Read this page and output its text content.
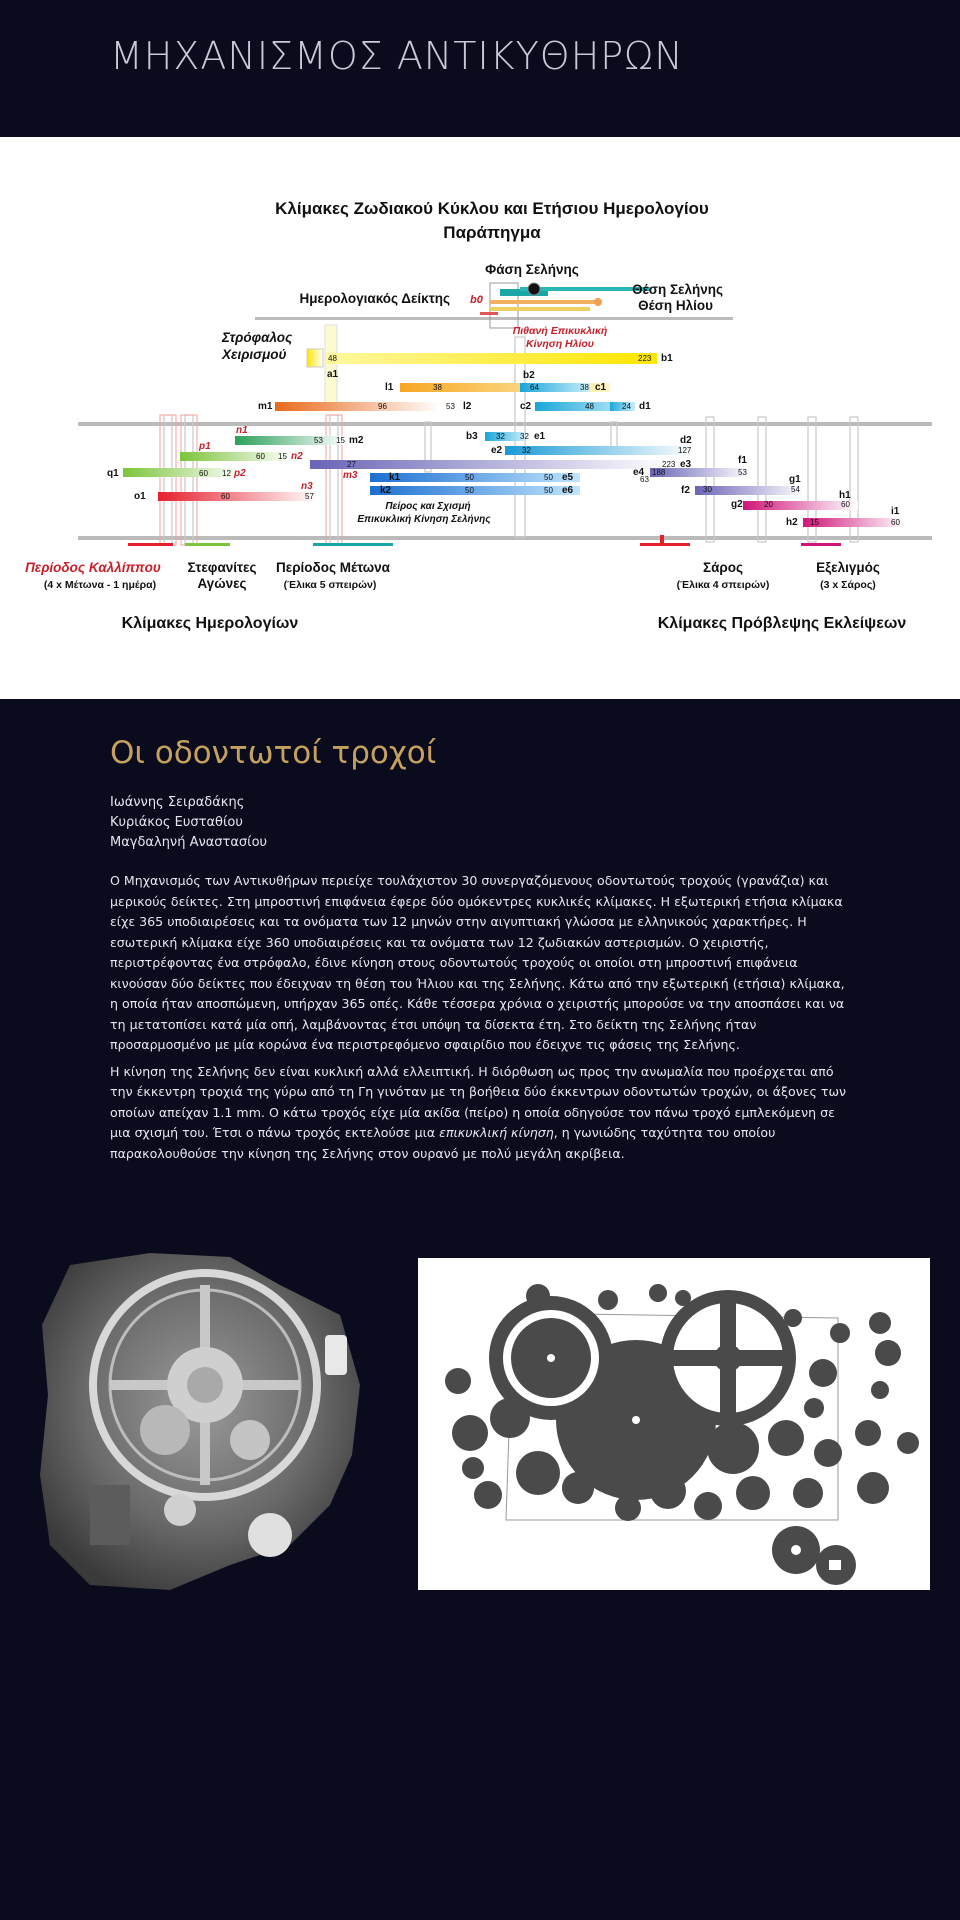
ΜΗΧΑΝΙΣΜΟΣ ΑΝΤΙΚΥΘΗΡΩΝ
Κλίμακες Ζωδιακού Κύκλου και Ετήσιου Ημερολογίου
Παράπηγμα
Φάση Σελήνης
Θέση Σελήνης
Θέση Ηλίου
Ημερολογιακός Δείκτης b0
Πιθανή Επικυκλική
Κίνηση Ηλίου
Στρόφαλος
Χειρισμού	48	223
38	64	38
96	53	48	24
32 32
53 15
127
60 15
32
27
60 12
223
188	53
50	50	63
54
60	57
50	50	30
20	60
15	60
a1
b1
l1
b2
c1
m1	l2	c2	d1
b3	e1
m2	d2
e2
q1	e4
e3	f1
k1	e5	g1
o1
k2	e6	f2	h1
g2
i1
h2
n1
p1
n2
p2	m3
n3
Πείρος και Σχισμή
Επικυκλική Κίνηση Σελήνης
Περίοδος Καλλίππου
(4 x Μέτωνα - 1 ημέρα)
Στεφανίτες
Αγώνες
Περίοδος Μέτωνα
(Έλικα 5 σπειρών)
Σάρος
(Έλικα 4 σπειρών)
Εξελιγμός
(3 x Σάρος)
Κλίμακες Ημερολογίων	Κλίμακες Πρόβλεψης Εκλείψεων
Οι οδοντωτοί τροχοί
Ιωάννης Σειραδάκης
Κυριάκος Ευσταθίου
Μαγδαληνή Αναστασίου

Ο Μηχανισμός των Αντικυθήρων περιείχε τουλάχιστον 30 συνεργαζόμενους οδοντωτούς τροχούς (γρανάζια) και μερικούς δείκτες. Στη μπροστινή επιφάνεια έφερε δύο ομόκεντρες κυκλικές κλίμακες. Η εξωτερική ετήσια κλίμακα είχε 365 υποδιαιρέσεις και τα ονόματα των 12 μηνών στην αιγυπτιακή γλώσσα με ελληνικούς χαρακτήρες. Η εσωτερική κλίμακα είχε 360 υποδιαιρέσεις και τα ονόματα των 12 ζωδιακών αστερισμών. Ο χειριστής, περιστρέφοντας ένα στρόφαλο, έδινε κίνηση στους οδοντωτούς τροχούς οι οποίοι στη μπροστινή επιφάνεια κινούσαν δύο δείκτες που έδειχναν τη θέση του Ήλιου και της Σελήνης. Κάτω από την εξωτερική (ετήσια) κλίμακα, η οποία ήταν αποσπώμενη, υπήρχαν 365 οπές. Κάθε τέσσερα χρόνια ο χειριστής μπορούσε να την αποσπάσει και να τη μετατοπίσει κατά μία οπή, λαμβάνοντας έτσι υπόψη τα δίσεκτα έτη. Στο δείκτη της Σελήνης ήταν προσαρμοσμένο με μία κορώνα ένα περιστρεφόμενο σφαιρίδιο που έδειχνε τις φάσεις της Σελήνης.

Η κίνηση της Σελήνης δεν είναι κυκλική αλλά ελλειπτική. Η διόρθωση ως προς την ανωμαλία που προέρχεται από την έκκεντρη τροχιά της γύρω από τη Γη γινόταν με τη βοήθεια δύο έκκεντρων οδοντωτών τροχών, οι άξονες των οποίων απείχαν 1.1 mm. Ο κάτω τροχός είχε μία ακίδα (πείρο) η οποία οδηγούσε τον πάνω τροχό εμπλεκόμενη σε μια σχισμή του. Έτσι ο πάνω τροχός εκτελούσε μια επικυκλική κίνηση, η γωνιώδης ταχύτητα του οποίου παρακολουθούσε την κίνηση της Σελήνης στον ουρανό με πολύ μεγάλη ακρίβεια.
